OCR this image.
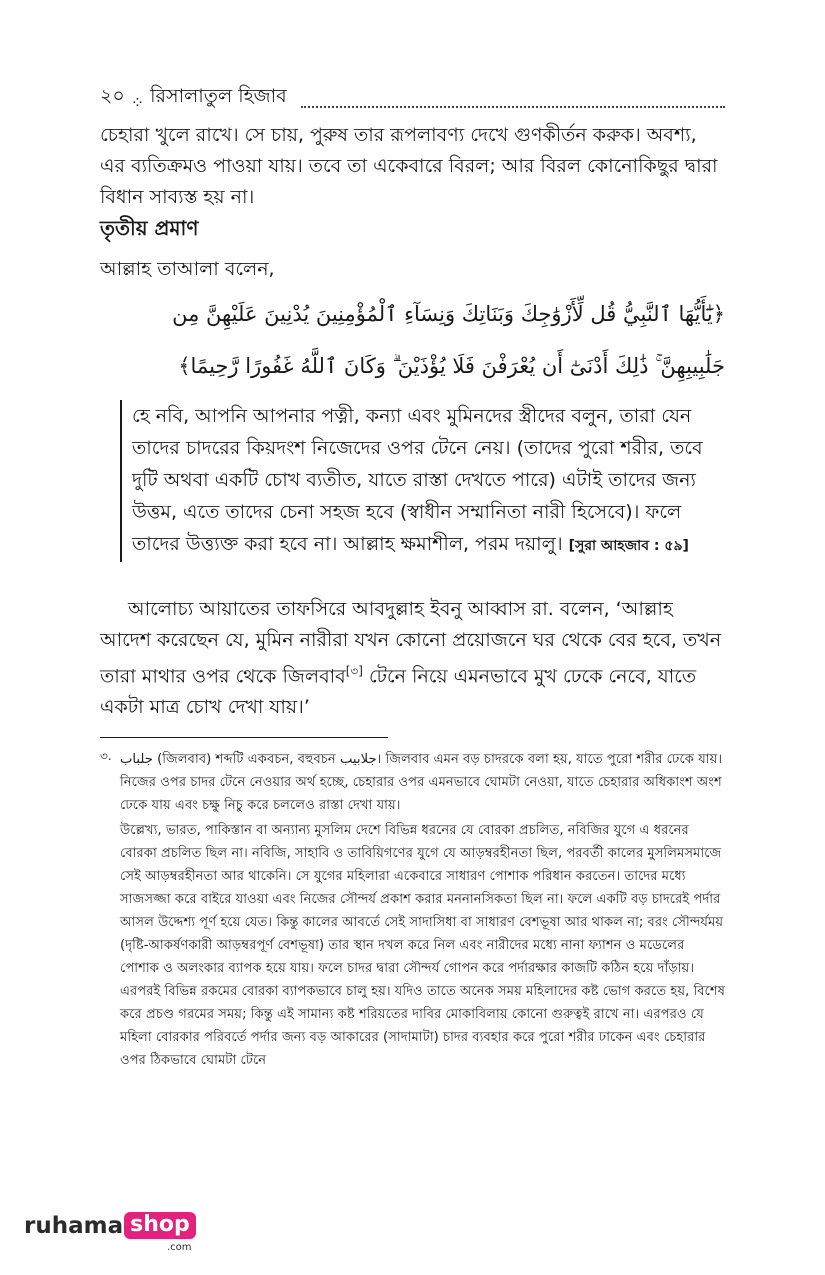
২০ ⁘ রিসালাতুল হিজাব
চেহারা খুলে রাখে। সে চায়, পুরুষ তার রূপলাবণ্য দেখে গুণকীর্তন করুক। অবশ্য, এর ব্যতিক্রমও পাওয়া যায়। তবে তা একেবারে বিরল; আর বিরল কোনোকিছুর দ্বারা বিধান সাব্যস্ত হয় না।
তৃতীয় প্রমাণ
আল্লাহ তাআলা বলেন,
﴿يَٰٓأَيُّهَا ٱلنَّبِيُّ قُل لِّأَزْوَٰجِكَ وَبَنَاتِكَ وَنِسَآءِ ٱلْمُؤْمِنِينَ يُدْنِينَ عَلَيْهِنَّ مِن
جَلَٰبِيبِهِنَّ ۚ ذَٰلِكَ أَدْنَىٰٓ أَن يُعْرَفْنَ فَلَا يُؤْذَيْنَ ۗ وَكَانَ ٱللَّهُ غَفُورًا رَّحِيمًا﴾
হে নবি, আপনি আপনার পত্নী, কন্যা এবং মুমিনদের স্ত্রীদের বলুন, তারা যেন তাদের চাদরের কিয়দংশ নিজেদের ওপর টেনে নেয়। (তাদের পুরো শরীর, তবে দুটি অথবা একটি চোখ ব্যতীত, যাতে রাস্তা দেখতে পারে) এটাই তাদের জন্য উত্তম, এতে তাদের চেনা সহজ হবে (স্বাধীন সম্মানিতা নারী হিসেবে)। ফলে তাদের উত্ত্যক্ত করা হবে না। আল্লাহ ক্ষমাশীল, পরম দয়ালু। [সুরা আহজাব : ৫৯]
আলোচ্য আয়াতের তাফসিরে আবদুল্লাহ ইবনু আব্বাস রা. বলেন, ‘আল্লাহ আদেশ করেছেন যে, মুমিন নারীরা যখন কোনো প্রয়োজনে ঘর থেকে বের হবে, তখন তারা মাথার ওপর থেকে জিলবাব[৩] টেনে নিয়ে এমনভাবে মুখ ঢেকে নেবে, যাতে একটা মাত্র চোখ দেখা যায়।’
৩. جلباب (জিলবাব) শব্দটি একবচন, বহুবচন جلابيب। জিলবাব এমন বড় চাদরকে বলা হয়, যাতে পুরো শরীর ঢেকে যায়। নিজের ওপর চাদর টেনে নেওয়ার অর্থ হচ্ছে, চেহারার ওপর এমনভাবে ঘোমটা নেওয়া, যাতে চেহারার অধিকাংশ অংশ ঢেকে যায় এবং চক্ষু নিচু করে চললেও রাস্তা দেখা যায়।
উল্লেখ্য, ভারত, পাকিস্তান বা অন্যান্য মুসলিম দেশে বিভিন্ন ধরনের যে বোরকা প্রচলিত, নবিজির যুগে এ ধরনের বোরকা প্রচলিত ছিল না। নবিজি, সাহাবি ও তাবিয়িগণের যুগে যে আড়ম্বরহীনতা ছিল, পরবর্তী কালের মুসলিমসমাজে সেই আড়ম্বরহীনতা আর থাকেনি। সে যুগের মহিলারা একেবারে সাধারণ পোশাক পরিধান করতেন। তাদের মধ্যে সাজসজ্জা করে বাইরে যাওয়া এবং নিজের সৌন্দর্য প্রকাশ করার মননানসিকতা ছিল না। ফলে একটি বড় চাদরেই পর্দার আসল উদ্দেশ্য পূর্ণ হয়ে যেত। কিন্তু কালের আবর্তে সেই সাদাসিধা বা সাধারণ বেশভূষা আর থাকল না; বরং সৌন্দর্যময় (দৃষ্টি-আকর্ষণকারী আড়ম্বরপূর্ণ বেশভূষা) তার স্থান দখল করে নিল এবং নারীদের মধ্যে নানা ফ্যাশন ও মডেলের পোশাক ও অলংকার ব্যাপক হয়ে যায়। ফলে চাদর দ্বারা সৌন্দর্য গোপন করে পর্দারক্ষার কাজটি কঠিন হয়ে দাঁড়ায়। এরপরই বিভিন্ন রকমের বোরকা ব্যাপকভাবে চালু হয়। যদিও তাতে অনেক সময় মহিলাদের কষ্ট ভোগ করতে হয়, বিশেষ করে প্রচণ্ড গরমের সময়; কিন্তু এই সামান্য কষ্ট শরিয়তের দাবির মোকাবিলায় কোনো গুরুত্বই রাখে না। এরপরও যে মহিলা বোরকার পরিবর্তে পর্দার জন্য বড় আকারের (সাদামাটা) চাদর ব্যবহার করে পুরো শরীর ঢাকেন এবং চেহারার ওপর ঠিকভাবে ঘোমটা টেনে
ruhama shop
.com
